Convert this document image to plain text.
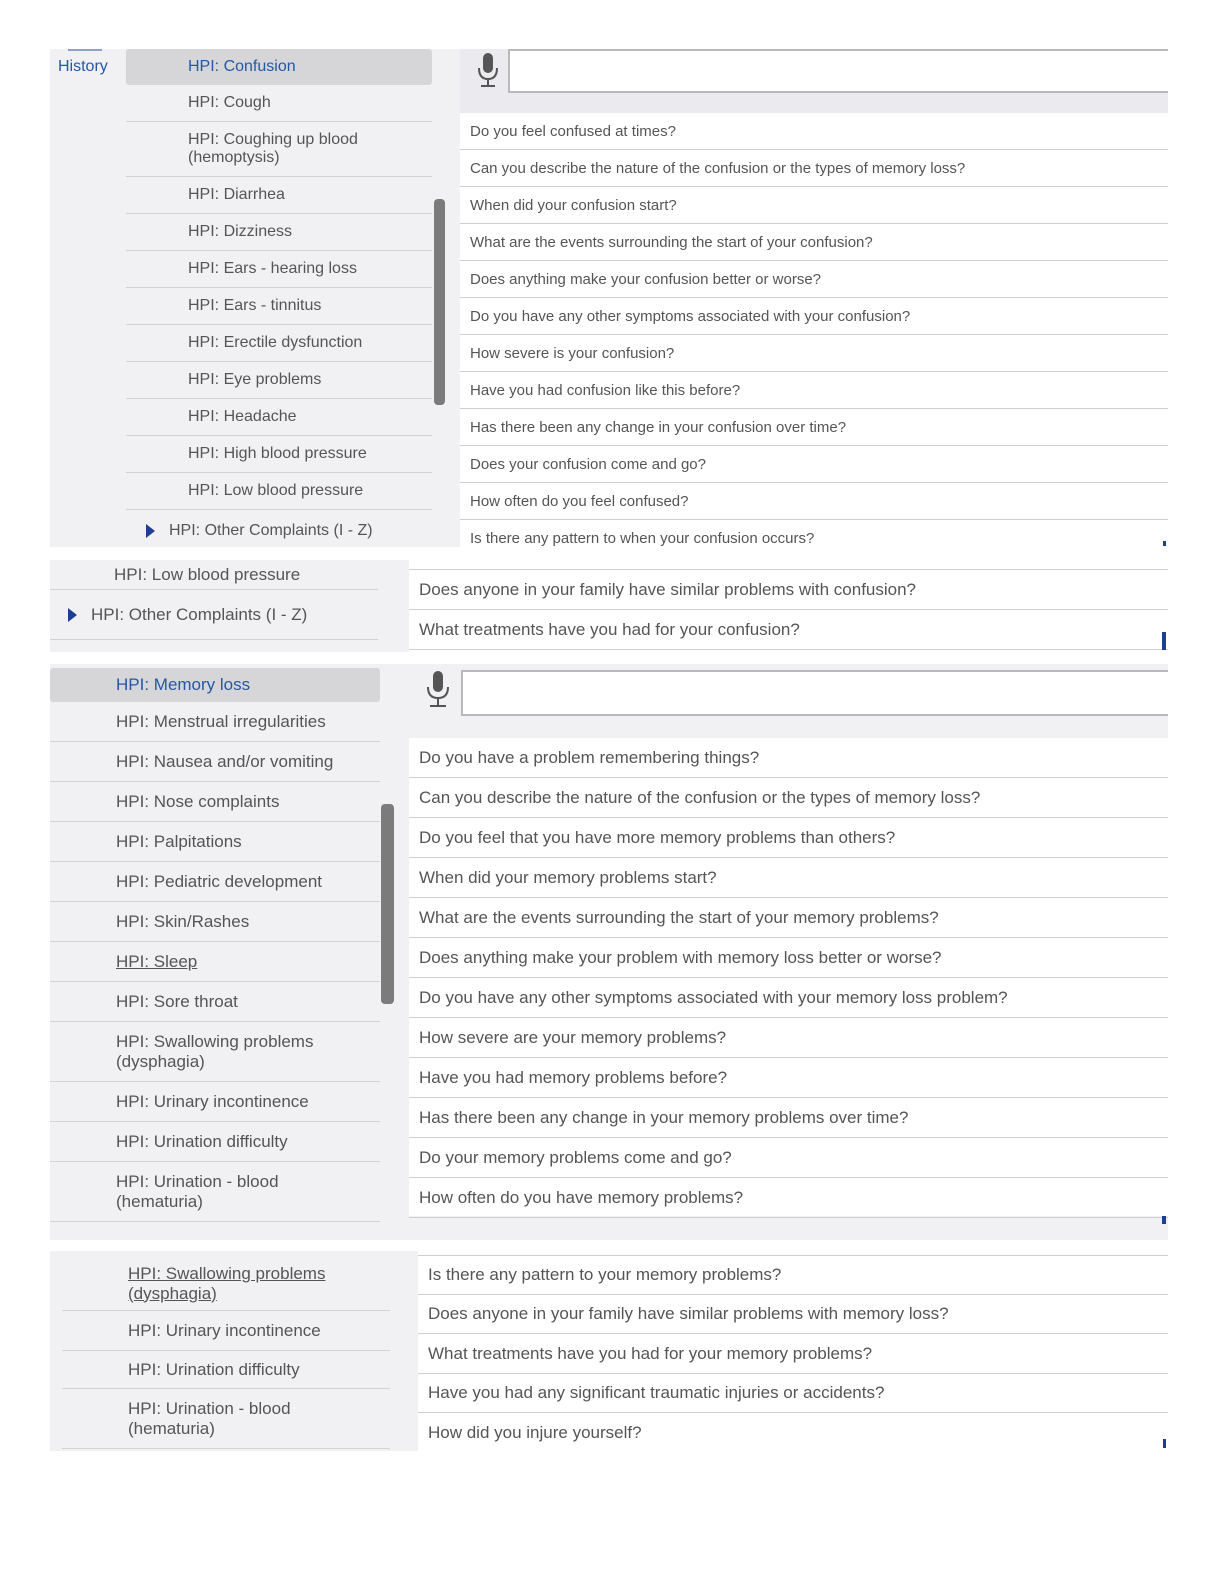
History	HPI: Confusion
HPI: Cough
HPI: Coughing up blood (hemoptysis)
HPI: Diarrhea
HPI: Dizziness
HPI: Ears - hearing loss
HPI: Ears - tinnitus
HPI: Erectile dysfunction
HPI: Eye problems
HPI: Headache
HPI: High blood pressure
HPI: Low blood pressure
HPI: Other Complaints (I - Z)
Do you feel confused at times?
Can you describe the nature of the confusion or the types of memory loss?
When did your confusion start?
What are the events surrounding the start of your confusion?
Does anything make your confusion better or worse?
Do you have any other symptoms associated with your confusion?
How severe is your confusion?
Have you had confusion like this before?
Has there been any change in your confusion over time?
Does your confusion come and go?
How often do you feel confused?
Is there any pattern to when your confusion occurs?
HPI: Low blood pressure
HPI: Other Complaints (I - Z)
Does anyone in your family have similar problems with confusion?
What treatments have you had for your confusion?
HPI: Memory loss
HPI: Menstrual irregularities
HPI: Nausea and/or vomiting
HPI: Nose complaints
HPI: Palpitations
HPI: Pediatric development
HPI: Skin/Rashes
HPI: Sleep
HPI: Sore throat
HPI: Swallowing problems (dysphagia)
HPI: Urinary incontinence
HPI: Urination difficulty
HPI: Urination - blood (hematuria)
Do you have a problem remembering things?
Can you describe the nature of the confusion or the types of memory loss?
Do you feel that you have more memory problems than others?
When did your memory problems start?
What are the events surrounding the start of your memory problems?
Does anything make your problem with memory loss better or worse?
Do you have any other symptoms associated with your memory loss problem?
How severe are your memory problems?
Have you had memory problems before?
Has there been any change in your memory problems over time?
Do your memory problems come and go?
How often do you have memory problems?
HPI: Swallowing problems (dysphagia)
HPI: Urinary incontinence
HPI: Urination difficulty
HPI: Urination - blood (hematuria)
Is there any pattern to your memory problems?
Does anyone in your family have similar problems with memory loss?
What treatments have you had for your memory problems?
Have you had any significant traumatic injuries or accidents?
How did you injure yourself?
